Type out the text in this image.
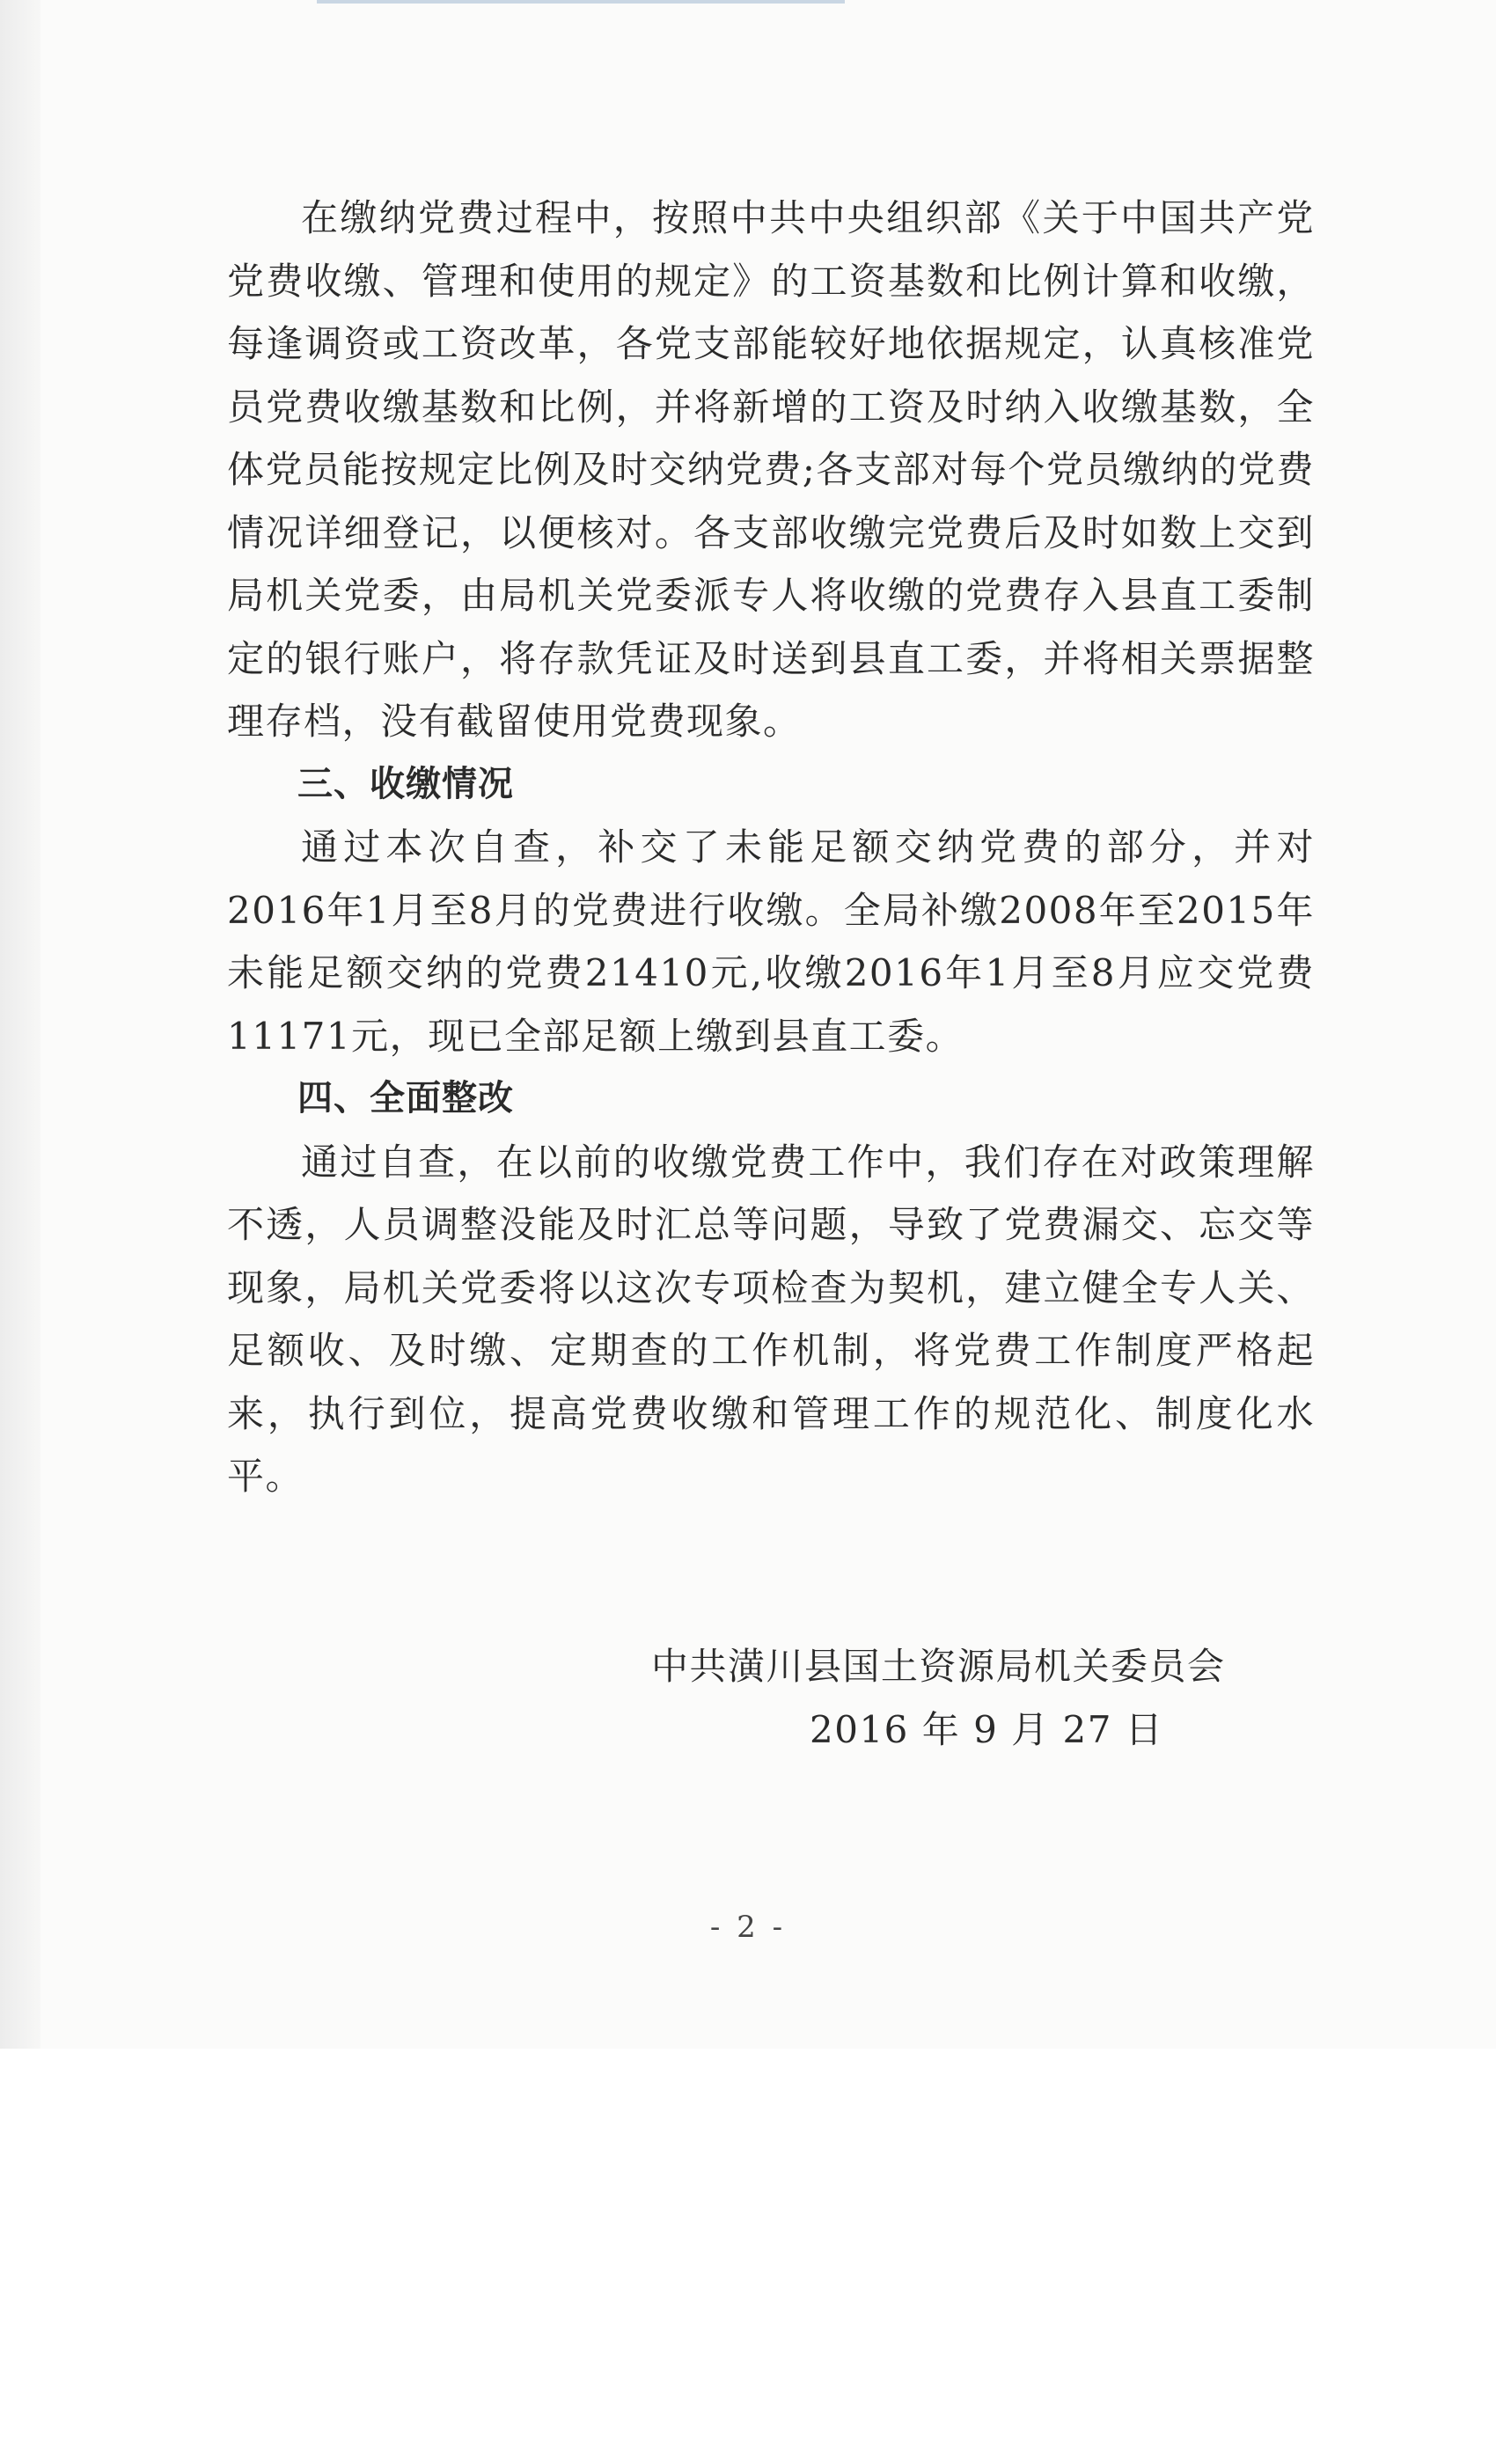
在缴纳党费过程中，按照中共中央组织部《关于中国共产党党费收缴、管理和使用的规定》的工资基数和比例计算和收缴，每逢调资或工资改革，各党支部能较好地依据规定，认真核准党员党费收缴基数和比例，并将新增的工资及时纳入收缴基数，全体党员能按规定比例及时交纳党费;各支部对每个党员缴纳的党费情况详细登记，以便核对。各支部收缴完党费后及时如数上交到局机关党委，由局机关党委派专人将收缴的党费存入县直工委制定的银行账户，将存款凭证及时送到县直工委，并将相关票据整理存档，没有截留使用党费现象。

三、收缴情况

通过本次自查，补交了未能足额交纳党费的部分，并对2016年1月至8月的党费进行收缴。全局补缴2008年至2015年未能足额交纳的党费21410元,收缴2016年1月至8月应交党费11171元，现已全部足额上缴到县直工委。

四、全面整改

通过自查，在以前的收缴党费工作中，我们存在对政策理解不透，人员调整没能及时汇总等问题，导致了党费漏交、忘交等现象，局机关党委将以这次专项检查为契机，建立健全专人关、足额收、及时缴、定期查的工作机制，将党费工作制度严格起来，执行到位，提高党费收缴和管理工作的规范化、制度化水平。

中共潢川县国土资源局机关委员会
2016 年 9 月 27 日
- 2 -
